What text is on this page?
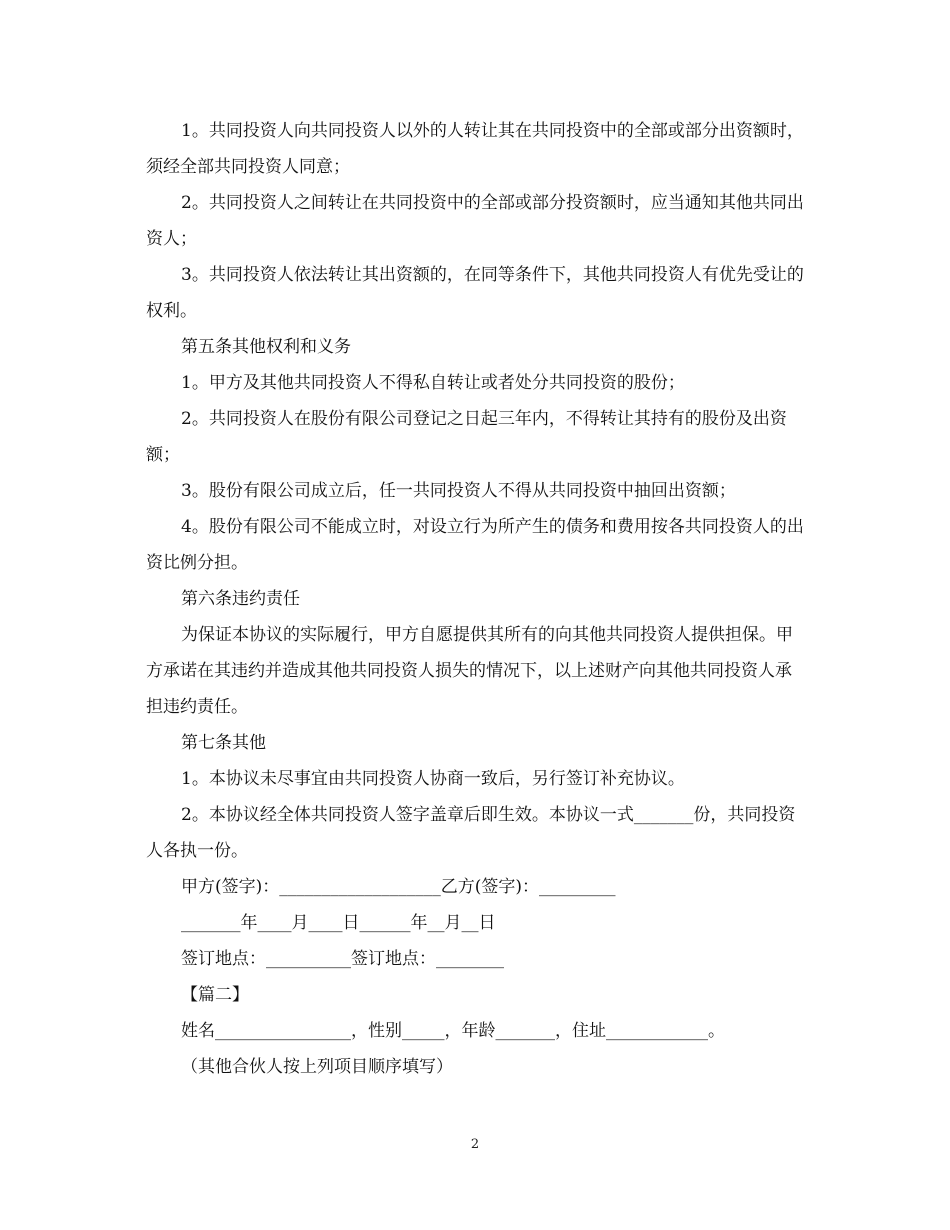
1。共同投资人向共同投资人以外的人转让其在共同投资中的全部或部分出资额时，须经全部共同投资人同意；

2。共同投资人之间转让在共同投资中的全部或部分投资额时，应当通知其他共同出资人；

3。共同投资人依法转让其出资额的，在同等条件下，其他共同投资人有优先受让的权利。

第五条其他权利和义务

1。甲方及其他共同投资人不得私自转让或者处分共同投资的股份；

2。共同投资人在股份有限公司登记之日起三年内，不得转让其持有的股份及出资额；

3。股份有限公司成立后，任一共同投资人不得从共同投资中抽回出资额；

4。股份有限公司不能成立时，对设立行为所产生的债务和费用按各共同投资人的出资比例分担。

第六条违约责任

为保证本协议的实际履行，甲方自愿提供其所有的向其他共同投资人提供担保。甲方承诺在其违约并造成其他共同投资人损失的情况下，以上述财产向其他共同投资人承担违约责任。

第七条其他

1。本协议未尽事宜由共同投资人协商一致后，另行签订补充协议。

2。本协议经全体共同投资人签字盖章后即生效。本协议一式_______份，共同投资人各执一份。

甲方(签字)：___________________乙方(签字)：_________

_______年____月____日______年__月__日

签订地点：__________签订地点：________

【篇二】

姓名________________，性别_____，年龄_______，住址____________。

（其他合伙人按上列项目顺序填写）

2
